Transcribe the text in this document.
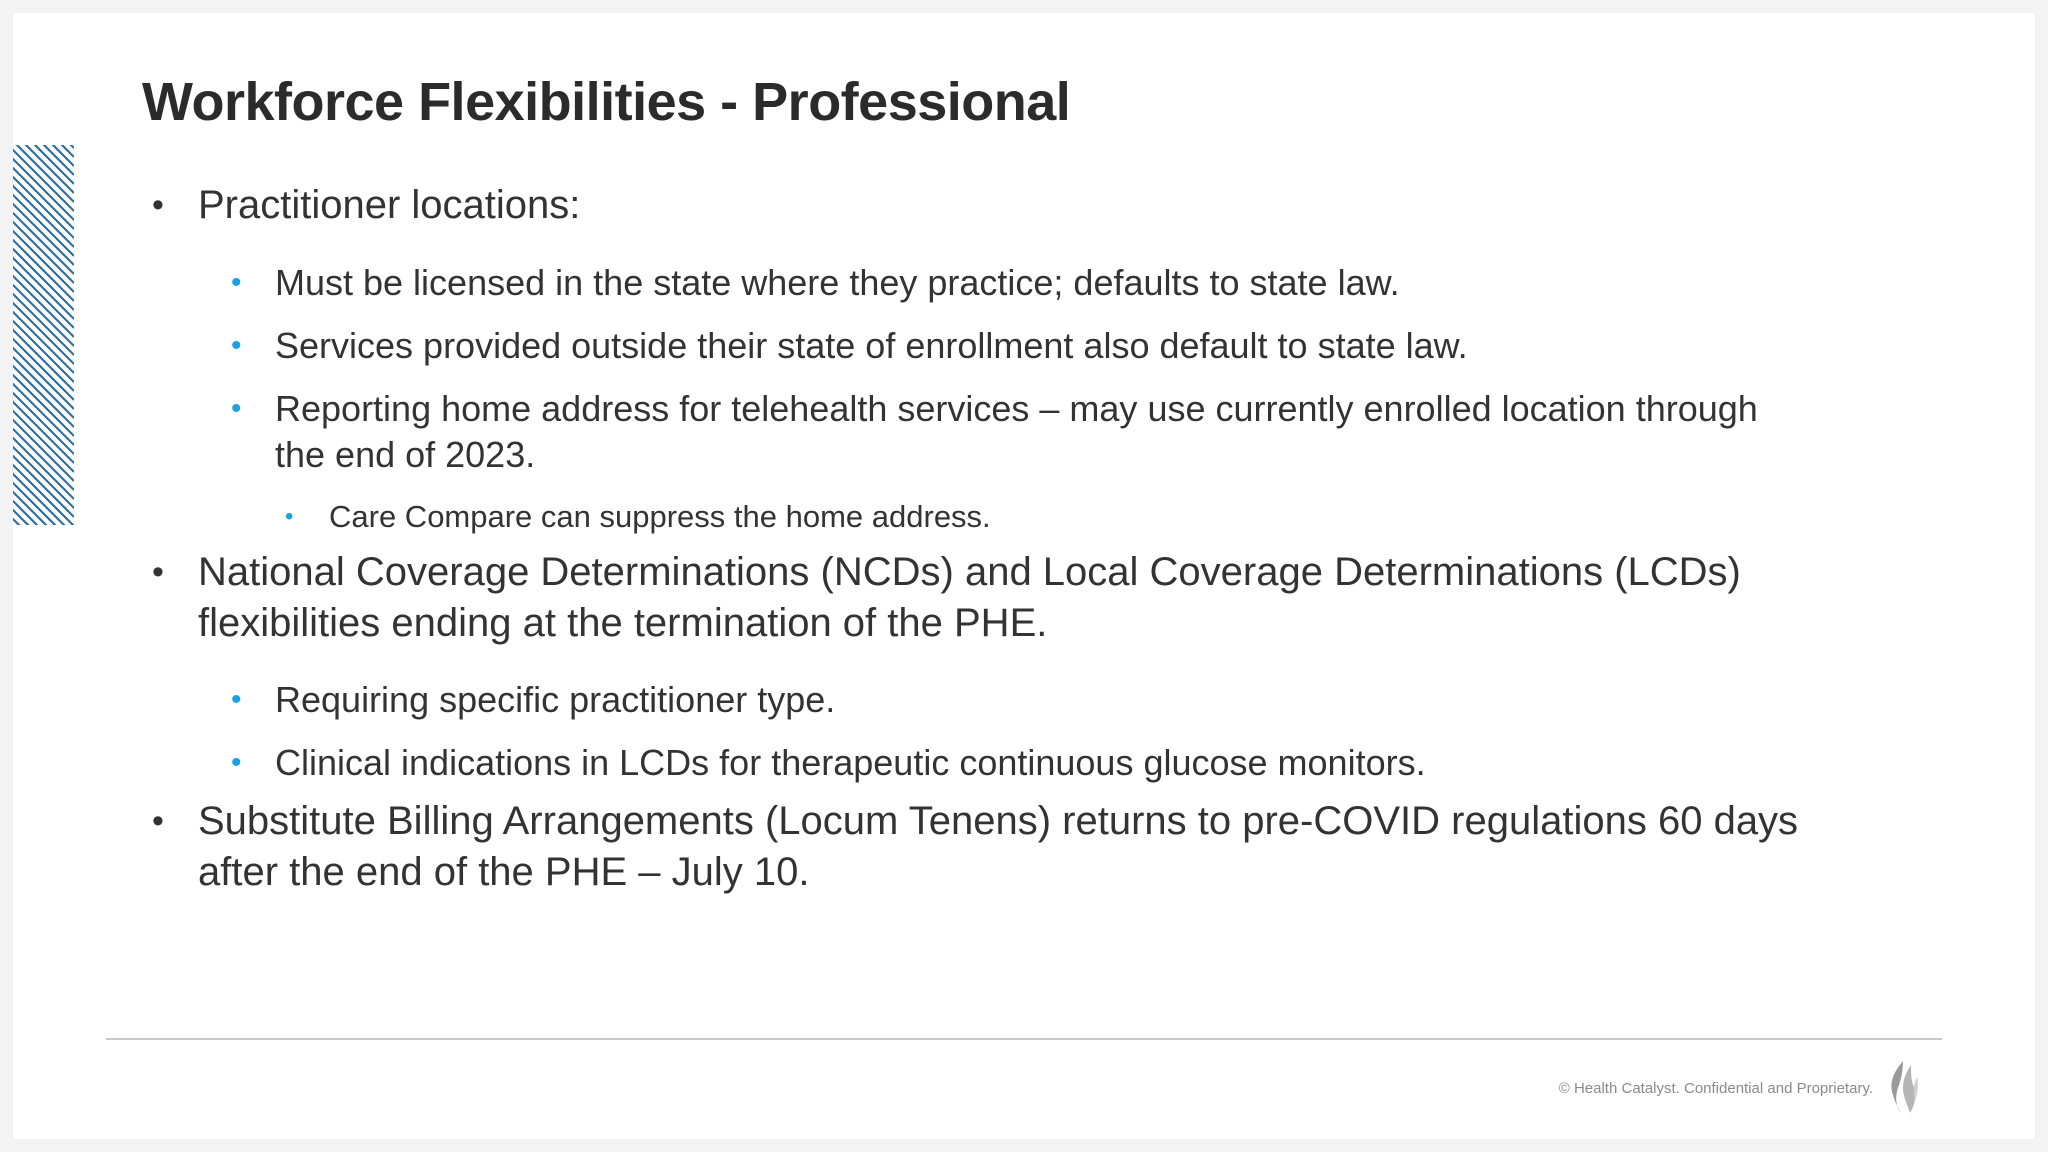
Workforce Flexibilities - Professional
• Practitioner locations:
• Must be licensed in the state where they practice; defaults to state law.
• Services provided outside their state of enrollment also default to state law.
• Reporting home address for telehealth services – may use currently enrolled location through the end of 2023.
• Care Compare can suppress the home address.
• National Coverage Determinations (NCDs) and Local Coverage Determinations (LCDs) flexibilities ending at the termination of the PHE.
• Requiring specific practitioner type.
• Clinical indications in LCDs for therapeutic continuous glucose monitors.
• Substitute Billing Arrangements (Locum Tenens) returns to pre-COVID regulations 60 days after the end of the PHE – July 10.
© Health Catalyst. Confidential and Proprietary.
